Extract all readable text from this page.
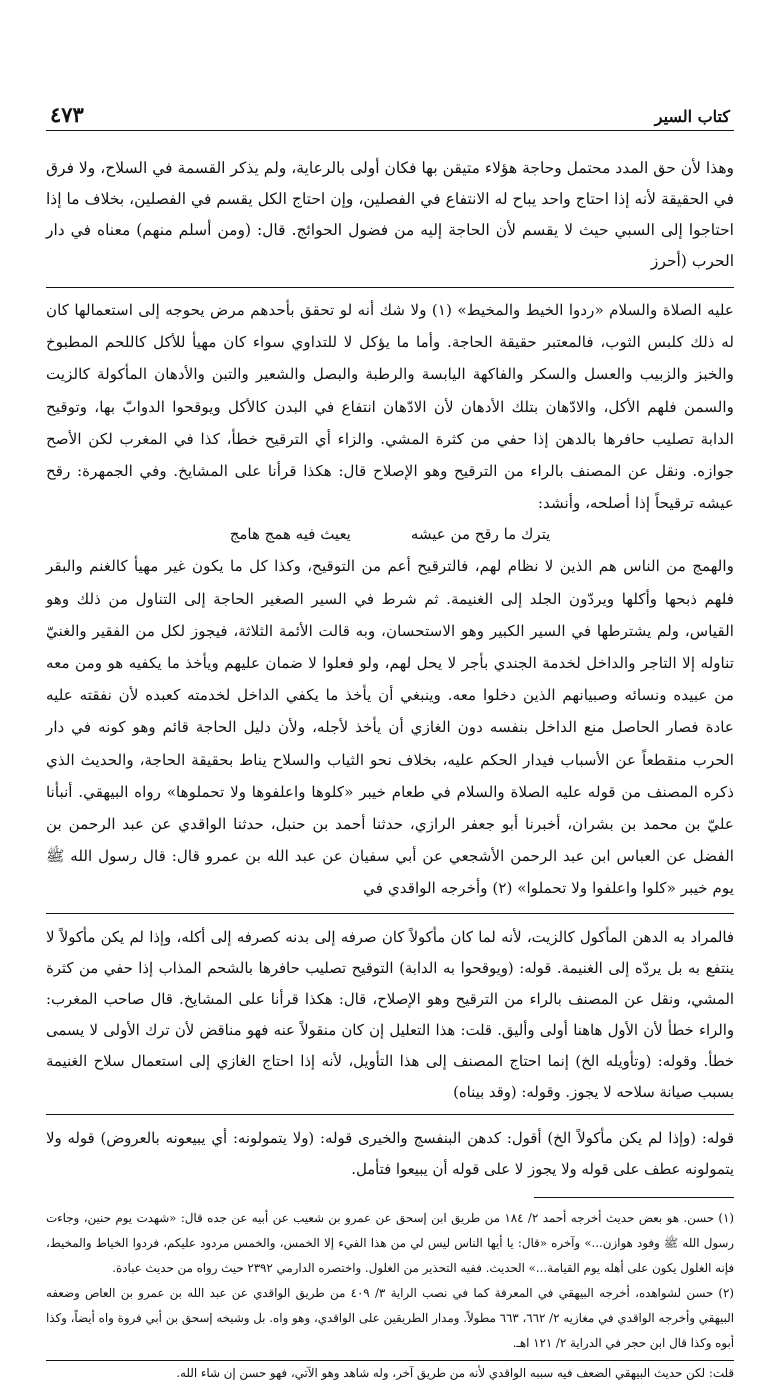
كتاب السير
٤٧٣

وهذا لأن حق المدد محتمل وحاجة هؤلاء متيقن بها فكان أولى بالرعاية، ولم يذكر القسمة في السلاح، ولا فرق في الحقيقة لأنه إذا احتاج واحد يباح له الانتفاع في الفصلين، وإن احتاج الكل يقسم في الفصلين، بخلاف ما إذا احتاجوا إلى السبي حيث لا يقسم لأن الحاجة إليه من فضول الحوائج. قال: (ومن أسلم منهم) معناه في دار الحرب (أحرز

عليه الصلاة والسلام «ردوا الخيط والمخيط» (١) ولا شك أنه لو تحقق بأحدهم مرض يحوجه إلى استعمالها كان له ذلك كلبس الثوب، فالمعتبر حقيقة الحاجة. وأما ما يؤكل لا للتداوي سواء كان مهيأ للأكل كاللحم المطبوخ والخبز والزبيب والعسل والسكر والفاكهة اليابسة والرطبة والبصل والشعير والتبن والأدهان المأكولة كالزيت والسمن فلهم الأكل، والادّهان بتلك الأدهان لأن الادّهان انتفاع في البدن كالأكل ويوقحوا الدوابّ بها، وتوقيح الدابة تصليب حافرها بالدهن إذا حفي من كثرة المشي. والزاء أي الترقيح خطأ، كذا في المغرب لكن الأصح جوازه. ونقل عن المصنف بالراء من الترقيح وهو الإصلاح قال: هكذا قرأنا على المشايخ. وفي الجمهرة: رقح عيشه ترقيحاً إذا أصلحه، وأنشد:

يترك ما رقح من عيشه
يعيث فيه همج هامج

والهمج من الناس هم الذين لا نظام لهم، فالترقيح أعم من التوقيح، وكذا كل ما يكون غير مهيأ كالغنم والبقر فلهم ذبحها وأكلها ويردّون الجلد إلى الغنيمة. ثم شرط في السير الصغير الحاجة إلى التناول من ذلك وهو القياس، ولم يشترطها في السير الكبير وهو الاستحسان، وبه قالت الأئمة الثلاثة، فيجوز لكل من الفقير والغنيّ تناوله إلا التاجر والداخل لخدمة الجندي بأجر لا يحل لهم، ولو فعلوا لا ضمان عليهم ويأخذ ما يكفيه هو ومن معه من عبيده ونسائه وصبيانهم الذين دخلوا معه. وينبغي أن يأخذ ما يكفي الداخل لخدمته كعبده لأن نفقته عليه عادة فصار الحاصل منع الداخل بنفسه دون الغازي أن يأخذ لأجله، ولأن دليل الحاجة قائم وهو كونه في دار الحرب منقطعاً عن الأسباب فيدار الحكم عليه، بخلاف نحو الثياب والسلاح يناط بحقيقة الحاجة، والحديث الذي ذكره المصنف من قوله عليه الصلاة والسلام في طعام خيبر «كلوها واعلفوها ولا تحملوها» رواه البيهقي. أنبأنا عليّ بن محمد بن بشران، أخبرنا أبو جعفر الرازي، حدثنا أحمد بن حنبل، حدثنا الواقدي عن عبد الرحمن بن الفضل عن العباس ابن عبد الرحمن الأشجعي عن أبي سفيان عن عبد الله بن عمرو قال: قال رسول الله ﷺ يوم خيبر «كلوا واعلفوا ولا تحملوا» (٢) وأخرجه الواقدي في

فالمراد به الدهن المأكول كالزيت، لأنه لما كان مأكولاً كان صرفه إلى بدنه كصرفه إلى أكله، وإذا لم يكن مأكولاً لا ينتفع به بل يردّه إلى الغنيمة. قوله: (ويوقحوا به الدابة) التوقيح تصليب حافرها بالشحم المذاب إذا حفي من كثرة المشي، ونقل عن المصنف بالراء من الترقيح وهو الإصلاح، قال: هكذا قرأنا على المشايخ. قال صاحب المغرب: والراء خطأ لأن الأول هاهنا أولى وأليق. قلت: هذا التعليل إن كان منقولاً عنه فهو مناقض لأن ترك الأولى لا يسمى خطأ. وقوله: (وتأويله الخ) إنما احتاج المصنف إلى هذا التأويل، لأنه إذا احتاج الغازي إلى استعمال سلاح الغنيمة بسبب صيانة سلاحه لا يجوز. وقوله: (وقد بيناه)

قوله: (وإذا لم يكن مأكولاً الخ) أقول: كدهن البنفسج والخيرى قوله: (ولا يتمولونه: أي يبيعونه بالعروض) قوله ولا يتمولونه عطف على قوله ولا يجوز لا على قوله أن يبيعوا فتأمل.

(١) حسن. هو بعض حديث أخرجه أحمد ٢/ ١٨٤ من طريق ابن إسحق عن عمرو بن شعيب عن أبيه عن جده قال: «شهدت يوم حنين، وجاءت رسول الله ﷺ وفود هوازن...» وآخره «قال: يا أيها الناس ليس لي من هذا الفيء إلا الخمس، والخمس مردود عليكم، فردوا الخياط والمخيط، فإنه الغلول يكون على أهله يوم القيامة...» الحديث. ففيه التحذير من الغلول. واختصره الدارمي ٢٣٩٢ حيث رواه من حديث عبادة.

(٢) حسن لشواهده، أخرجه البيهقي في المعرفة كما في نصب الراية ٣/ ٤٠٩ من طريق الواقدي عن عبد الله بن عمرو بن العاص وضعفه البيهقي وأخرجه الواقدي في مغازيه ٢/ ٦٦٢، ٦٦٣ مطولاً. ومدار الطريقين على الواقدي، وهو واه. بل وشيخه إسحق بن أبي فروة واه أيضاً، وكذا أبوه وكذا قال ابن حجر في الدراية ٢/ ١٢١ اهـ.

قلت: لكن حديث البيهقي الضعف فيه سببه الواقدي لأنه من طريق آخر، وله شاهد وهو الآتي، فهو حسن إن شاء الله.
